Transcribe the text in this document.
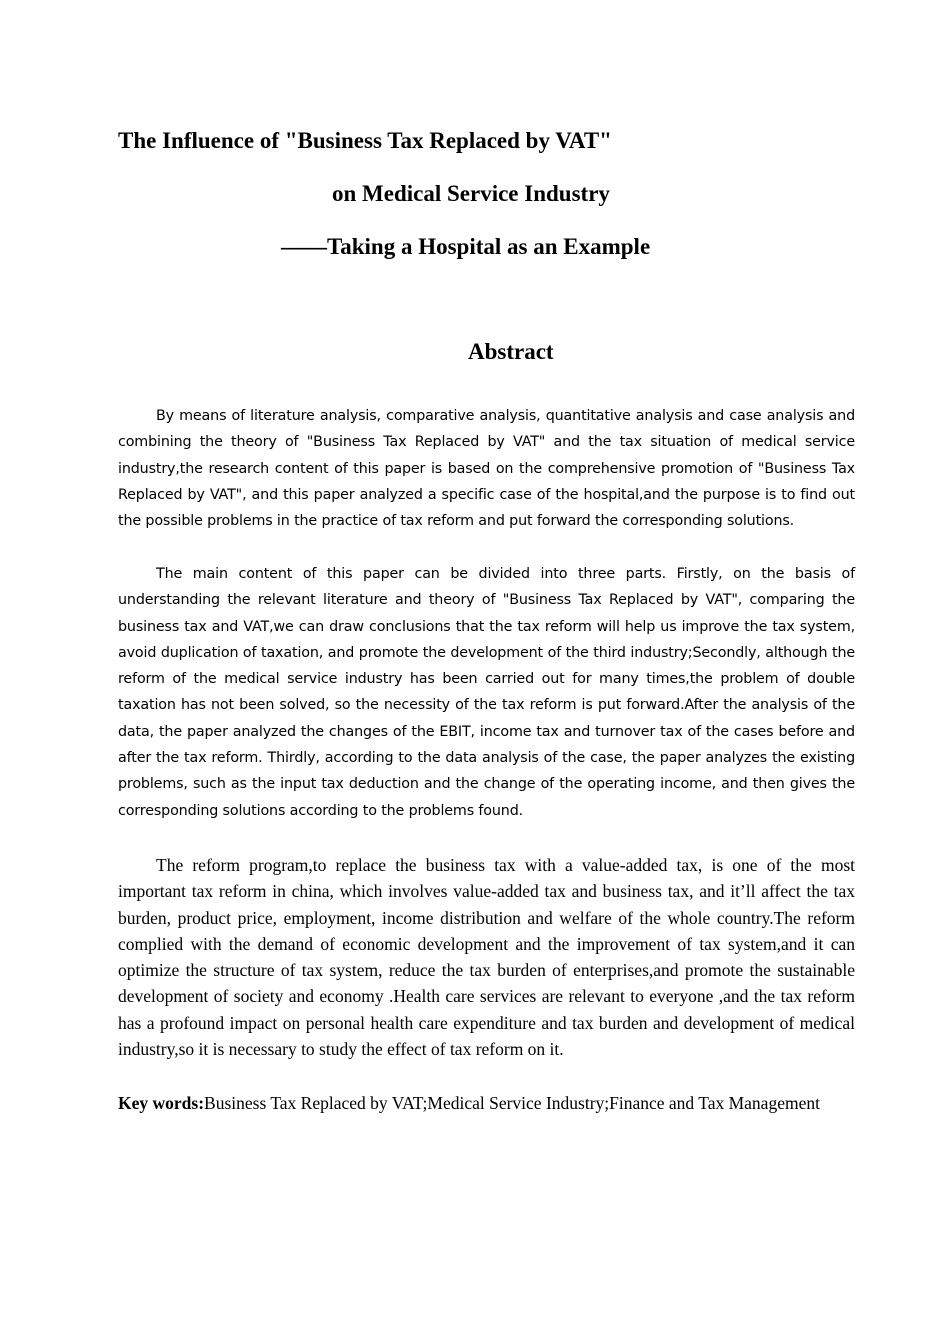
The Influence of "Business Tax Replaced by VAT"
on Medical Service Industry
——Taking a Hospital as an Example
Abstract

By means of literature analysis, comparative analysis, quantitative analysis and case analysis and combining the theory of "Business Tax Replaced by VAT" and the tax situation of medical service industry,the research content of this paper is based on the comprehensive promotion of "Business Tax Replaced by VAT", and this paper analyzed a specific case of the hospital,and the purpose is to find out the possible problems in the practice of tax reform and put forward the corresponding solutions.

The main content of this paper can be divided into three parts. Firstly, on the basis of understanding the relevant literature and theory of "Business Tax Replaced by VAT", comparing the business tax and VAT,we can draw conclusions that the tax reform will help us improve the tax system, avoid duplication of taxation, and promote the development of the third industry;Secondly, although the reform of the medical service industry has been carried out for many times,the problem of double taxation has not been solved, so the necessity of the tax reform is put forward.After the analysis of the data, the paper analyzed the changes of the EBIT, income tax and turnover tax of the cases before and after the tax reform. Thirdly, according to the data analysis of the case, the paper analyzes the existing problems, such as the input tax deduction and the change of the operating income, and then gives the corresponding solutions according to the problems found.

The reform program,to replace the business tax with a value-added tax, is one of the most important tax reform in china, which involves value-added tax and business tax, and it’ll affect the tax burden, product price, employment, income distribution and welfare of the whole country.The reform complied with the demand of economic development and the improvement of tax system,and it can optimize the structure of tax system, reduce the tax burden of enterprises,and promote the sustainable development of society and economy .Health care services are relevant to everyone ,and the tax reform has a profound impact on personal health care expenditure and tax burden and development of medical industry,so it is necessary to study the effect of tax reform on it.

Key words:Business Tax Replaced by VAT;Medical Service Industry;Finance and Tax Management
